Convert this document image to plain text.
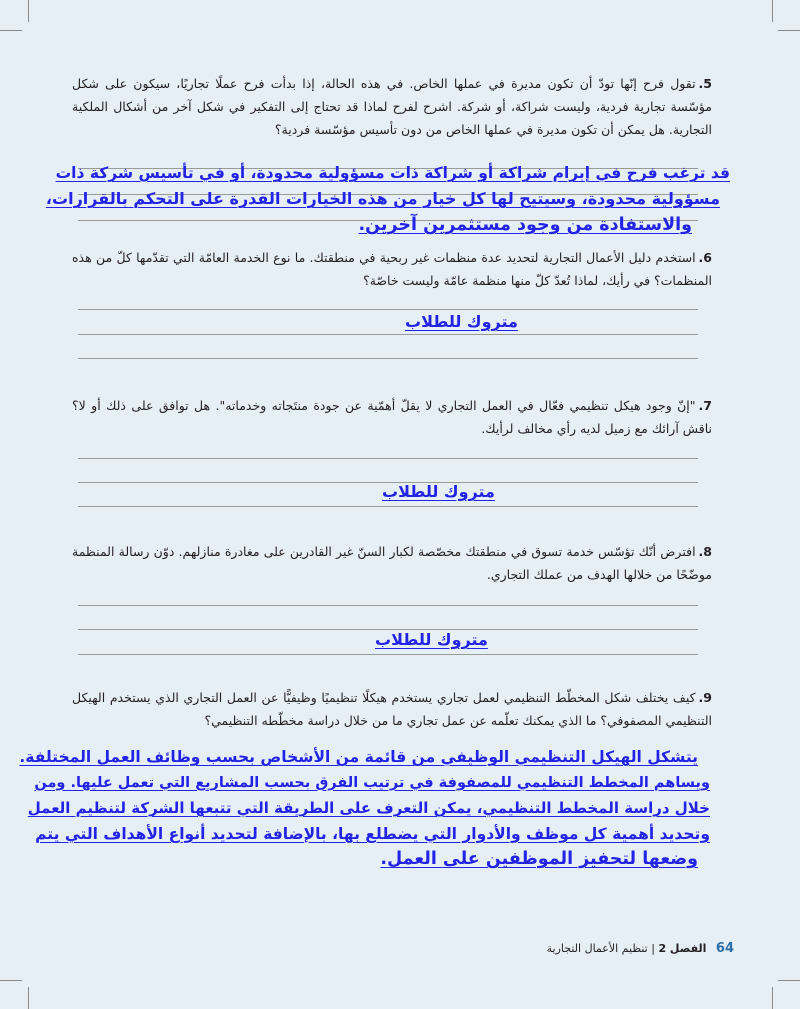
5.تقول فرح إنّها تودّ أن تكون مديرة في عملها الخاص. في هذه الحالة، إذا بدأت فرح عملًا تجاريًا، سيكون على شكل مؤسّسة تجارية فردية، وليست شراكة، أو شركة. اشرح لفرح لماذا قد تحتاج إلى التفكير في شكل آخر من أشكال الملكية التجارية. هل يمكن أن تكون مديرة في عملها الخاص من دون تأسيس مؤسّسة فردية؟
قد ترغب فرح في إبرام شراكة أو شراكة ذات مسؤولية محدودة، أو في تأسيس شركة ذات
مسؤولية محدودة، وسيتيح لها كل خيار من هذه الخيارات القدرة على التحكم بالقرارات،
والاستفادة من وجود مستثمرين آخرين.
6.استخدم دليل الأعمال التجارية لتحديد عدة منظمات غير ربحية في منطقتك. ما نوع الخدمة العامّة التي تقدّمها كلّ من هذه المنظمات؟ في رأيك، لماذا تُعدّ كلّ منها منظمة عامّة وليست خاصّة؟
متروك للطلاب
7."إنّ وجود هيكل تنظيمي فعّال في العمل التجاري لا يقلّ أهمّية عن جودة منتَجاته وخدماته". هل توافق على ذلك أو لا؟ ناقش آرائك مع زميل لديه رأي مخالف لرأيك.
متروك للطلاب
8.افترض أنّك تؤسّس خدمة تسوق في منطقتك مخصّصة لكبار السنّ غير القادرين على مغادرة منازلهم. دوّن رسالة المنظمة موضّحًا من خلالها الهدف من عملك التجاري.
متروك للطلاب
9.كيف يختلف شكل المخطّط التنظيمي لعمل تجاري يستخدم هيكلًا تنظيميًا وظيفيًّا عن العمل التجاري الذي يستخدم الهيكل التنظيمي المصفوفي؟ ما الذي يمكنك تعلّمه عن عمل تجاري ما من خلال دراسة مخطّطه التنظيمي؟
يتشكل الهيكل التنظيمي الوظيفي من قائمة من الأشخاص بحسب وظائف العمل المختلفة.
ويساهم المخطط التنظيمي للمصفوفة في ترتيب الفرق بحسب المشاريع التي تعمل عليها. ومن
خلال دراسة المخطط التنظيمي، يمكن التعرف على الطريقة التي تتبعها الشركة لتنظيم العمل
وتحديد أهمية كل موظف والأدوار التي يضطلع بها، بالإضافة لتحديد أنواع الأهداف التي يتم
وضعها لتحفيز الموظفين على العمل.
64 الفصل 2 | تنظيم الأعمال التجارية
